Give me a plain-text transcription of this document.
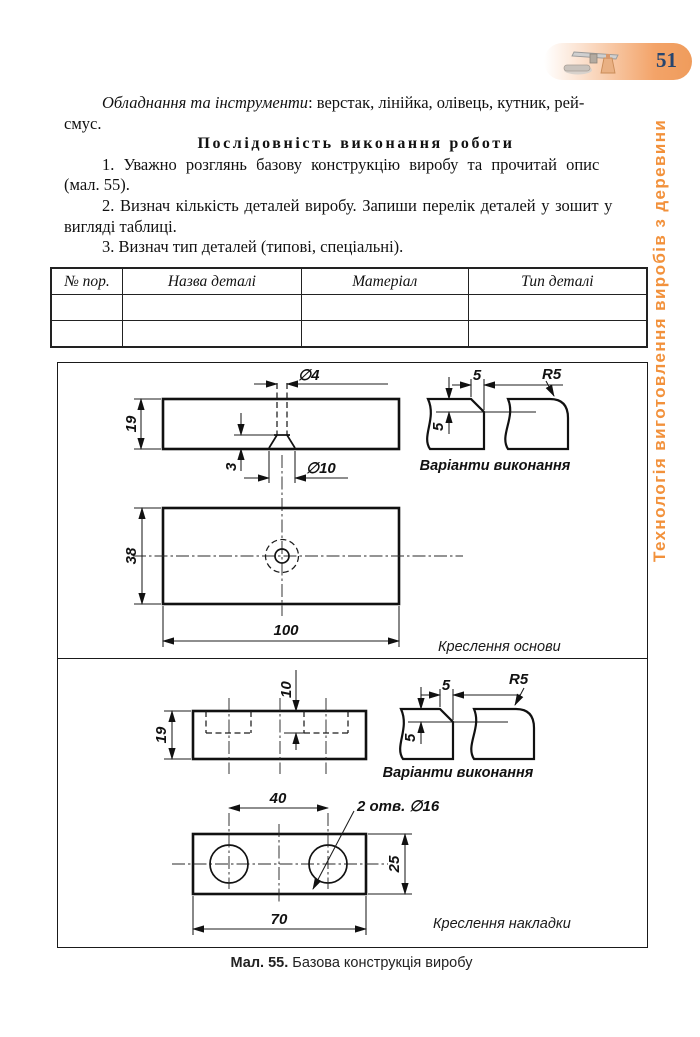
51
Технологія виготовлення виробів з деревини
Обладнання та інструменти: верстак, лінійка, олівець, кутник, рей-
смус.
Послідовність виконання роботи
1. Уважно розглянь базову конструкцію виробу та прочитай опис
(мал. 55).
2. Визнач кількість деталей виробу. Запиши перелік деталей у зошит у
вигляді таблиці.
3. Визнач тип деталей (типові, спеціальні).
№ пор.	Назва деталі	Матеріал	Тип деталі

∅4
19
3	∅10
5
5
R5
Варіанти виконання
38
100
Креслення основи
19
10	5
5
R5
Варіанти виконання
40	2 отв. ∅16
25
70	Креслення накладки
Мал. 55. Базова конструкція виробу
